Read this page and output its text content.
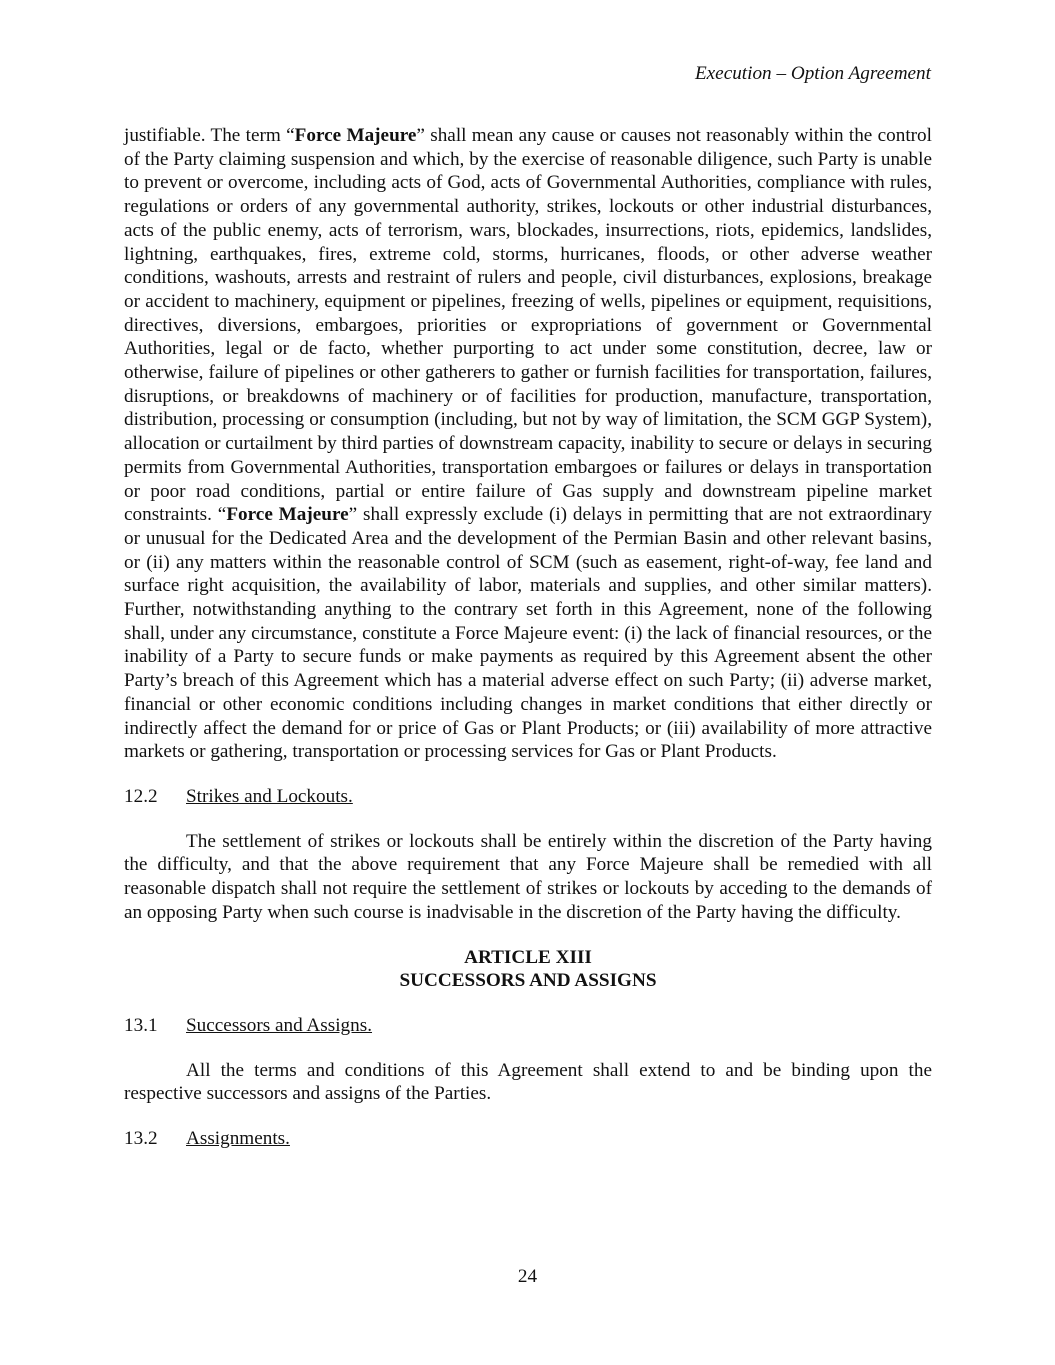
Execution – Option Agreement

justifiable. The term “Force Majeure” shall mean any cause or causes not reasonably within the control of the Party claiming suspension and which, by the exercise of reasonable diligence, such Party is unable to prevent or overcome, including acts of God, acts of Governmental Authorities, compliance with rules, regulations or orders of any governmental authority, strikes, lockouts or other industrial disturbances, acts of the public enemy, acts of terrorism, wars, blockades, insurrections, riots, epidemics, landslides, lightning, earthquakes, fires, extreme cold, storms, hurricanes, floods, or other adverse weather conditions, washouts, arrests and restraint of rulers and people, civil disturbances, explosions, breakage or accident to machinery, equipment or pipelines, freezing of wells, pipelines or equipment, requisitions, directives, diversions, embargoes, priorities or expropriations of government or Governmental Authorities, legal or de facto, whether purporting to act under some constitution, decree, law or otherwise, failure of pipelines or other gatherers to gather or furnish facilities for transportation, failures, disruptions, or breakdowns of machinery or of facilities for production, manufacture, transportation, distribution, processing or consumption (including, but not by way of limitation, the SCM GGP System), allocation or curtailment by third parties of downstream capacity, inability to secure or delays in securing permits from Governmental Authorities, transportation embargoes or failures or delays in transportation or poor road conditions, partial or entire failure of Gas supply and downstream pipeline market constraints. “Force Majeure” shall expressly exclude (i) delays in permitting that are not extraordinary or unusual for the Dedicated Area and the development of the Permian Basin and other relevant basins, or (ii) any matters within the reasonable control of SCM (such as easement, right-of-way, fee land and surface right acquisition, the availability of labor, materials and supplies, and other similar matters). Further, notwithstanding anything to the contrary set forth in this Agreement, none of the following shall, under any circumstance, constitute a Force Majeure event: (i) the lack of financial resources, or the inability of a Party to secure funds or make payments as required by this Agreement absent the other Party’s breach of this Agreement which has a material adverse effect on such Party; (ii) adverse market, financial or other economic conditions including changes in market conditions that either directly or indirectly affect the demand for or price of Gas or Plant Products; or (iii) availability of more attractive markets or gathering, transportation or processing services for Gas or Plant Products.

12.2 Strikes and Lockouts.

The settlement of strikes or lockouts shall be entirely within the discretion of the Party having the difficulty, and that the above requirement that any Force Majeure shall be remedied with all reasonable dispatch shall not require the settlement of strikes or lockouts by acceding to the demands of an opposing Party when such course is inadvisable in the discretion of the Party having the difficulty.

ARTICLE XIII
SUCCESSORS AND ASSIGNS
13.1 Successors and Assigns.

All the terms and conditions of this Agreement shall extend to and be binding upon the respective successors and assigns of the Parties.

13.2 Assignments.
24
